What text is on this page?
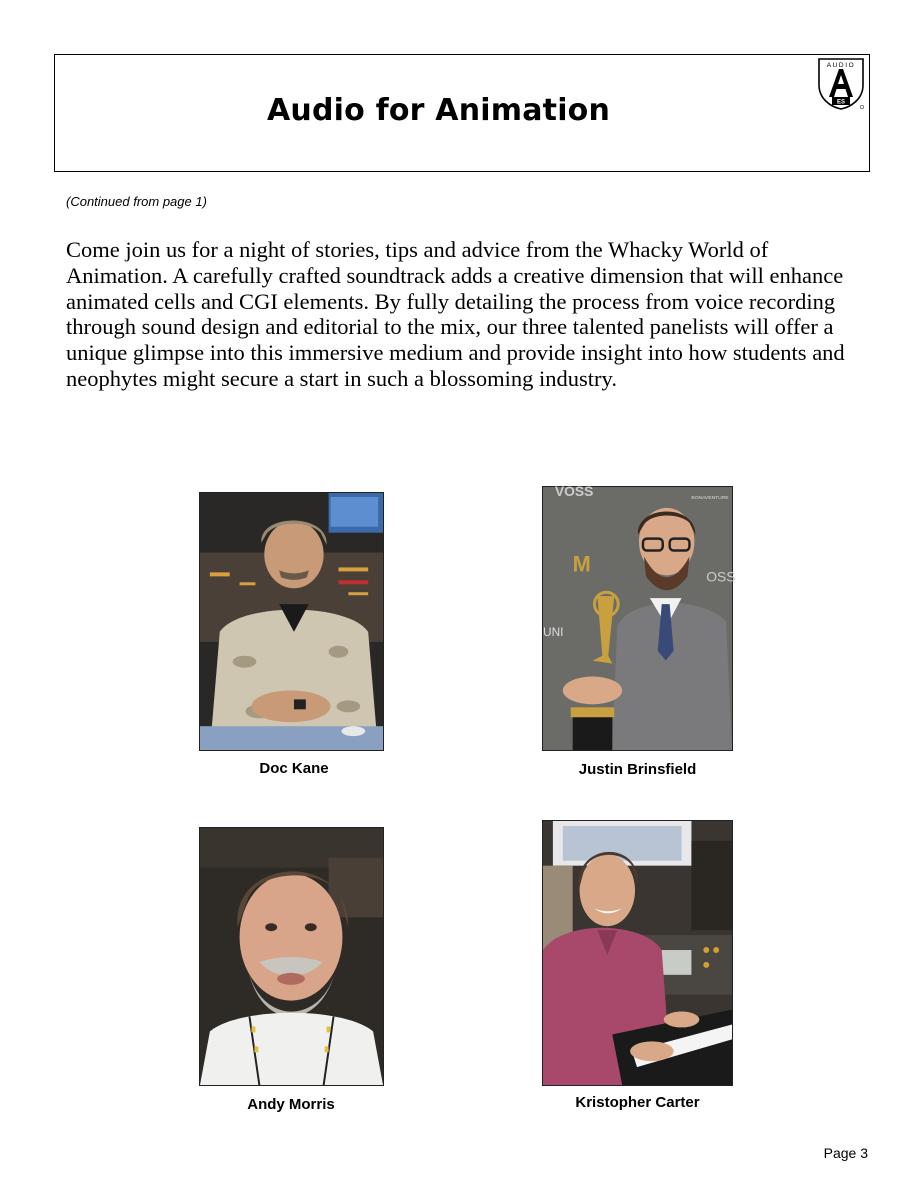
Audio for Animation
AUDIO
ES
(Continued from page 1)
Come join us for a night of stories, tips and advice from the Whacky World of Animation. A carefully crafted soundtrack adds a creative dimension that will enhance animated cells and CGI elements. By fully detailing the process from voice recording through sound design and editorial to the mix, our three talented panelists will offer a unique glimpse into this immersive medium and provide insight into how students and neophytes might secure a start in such a blossoming industry.
Doc Kane
VOSS	BONAVENTURE
M
UNI
OSS
Justin Brinsfield
Andy Morris	Kristopher Carter
Page 3
